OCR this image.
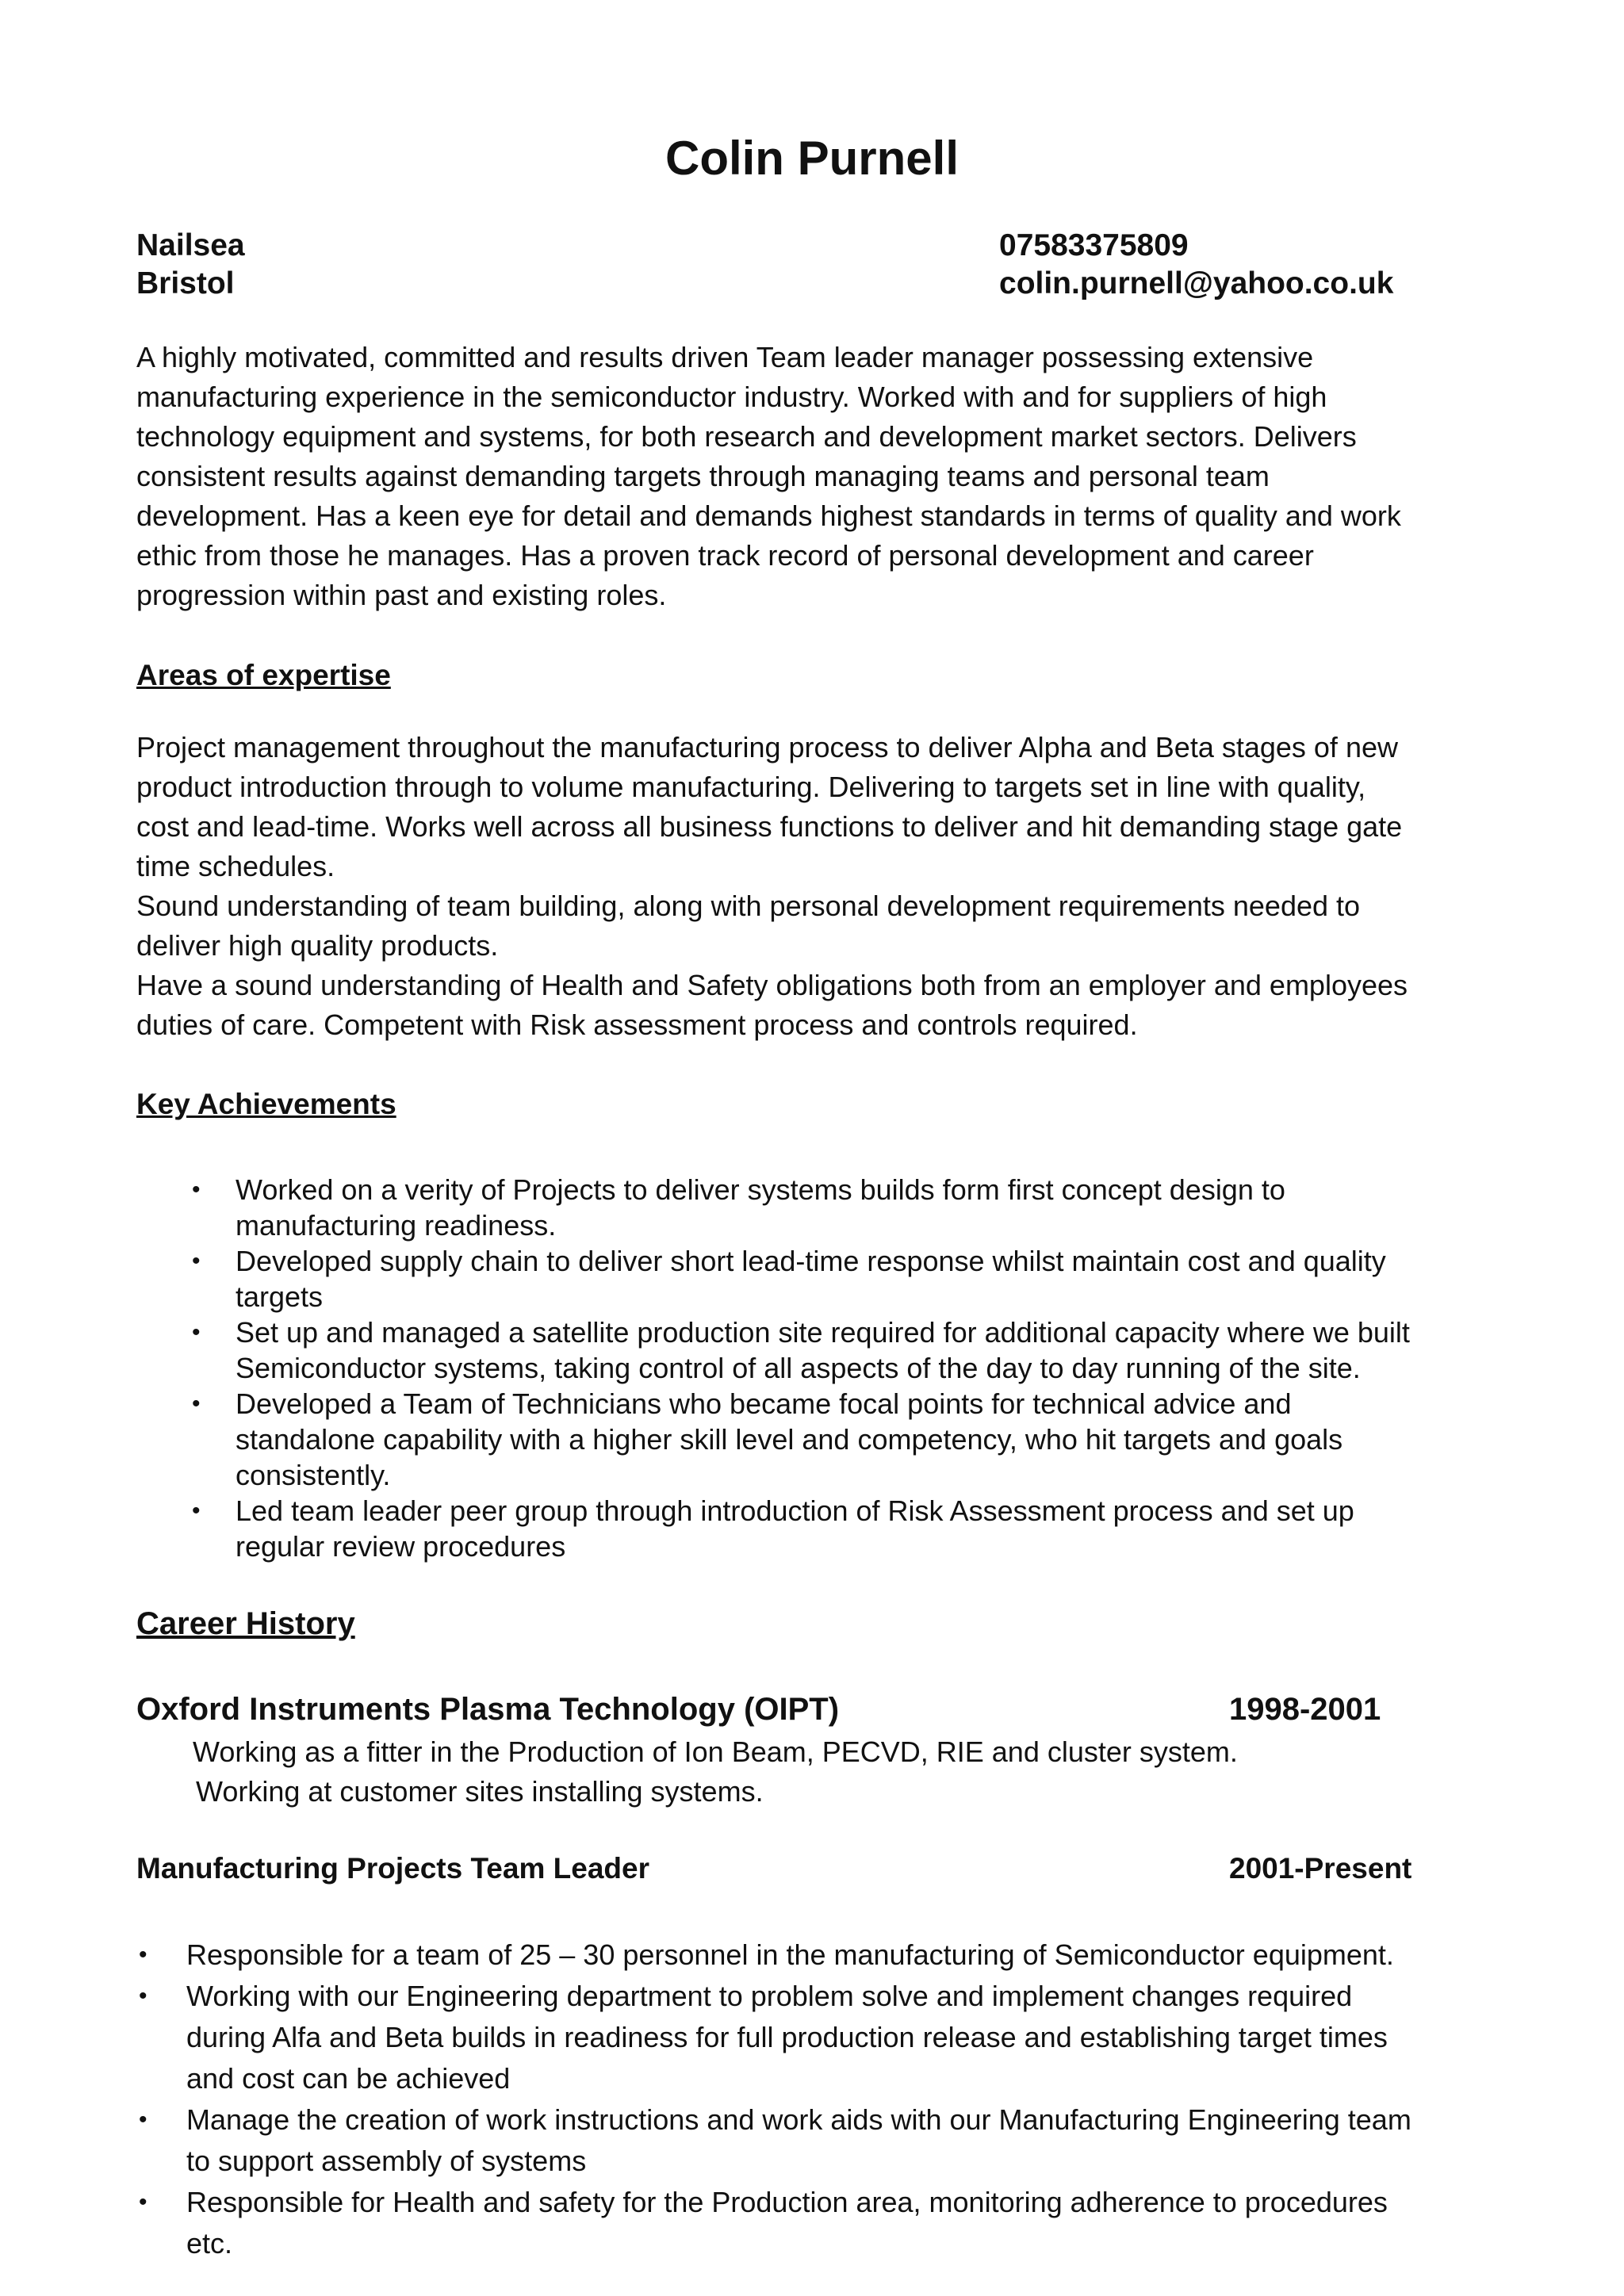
Colin Purnell
Nailsea
Bristol
07583375809
colin.purnell@yahoo.co.uk

A highly motivated, committed and results driven Team leader manager possessing extensive
manufacturing experience in the semiconductor industry. Worked with and for suppliers of high
technology equipment and systems, for both research and development market sectors. Delivers
consistent results against demanding targets through managing teams and personal team
development. Has a keen eye for detail and demands highest standards in terms of quality and work
ethic from those he manages. Has a proven track record of personal development and career
progression within past and existing roles.

Areas of expertise

Project management throughout the manufacturing process to deliver Alpha and Beta stages of new
product introduction through to volume manufacturing. Delivering to targets set in line with quality,
cost and lead-time. Works well across all business functions to deliver and hit demanding stage gate
time schedules.
Sound understanding of team building, along with personal development requirements needed to
deliver high quality products.
Have a sound understanding of Health and Safety obligations both from an employer and employees
duties of care. Competent with Risk assessment process and controls required.

Key Achievements
• Worked on a verity of Projects to deliver systems builds form first concept design to
manufacturing readiness.
• Developed supply chain to deliver short lead-time response whilst maintain cost and quality
targets
• Set up and managed a satellite production site required for additional capacity where we built
Semiconductor systems, taking control of all aspects of the day to day running of the site.
• Developed a Team of Technicians who became focal points for technical advice and
standalone capability with a higher skill level and competency, who hit targets and goals
consistently.
• Led team leader peer group through introduction of Risk Assessment process and set up
regular review procedures
Career History
Oxford Instruments Plasma Technology (OIPT)	1998-2001
Working as a fitter in the Production of Ion Beam, PECVD, RIE and cluster system.
Working at customer sites installing systems.
Manufacturing Projects Team Leader	2001-Present
• Responsible for a team of 25 – 30 personnel in the manufacturing of Semiconductor equipment.
• Working with our Engineering department to problem solve and implement changes required
during Alfa and Beta builds in readiness for full production release and establishing target times
and cost can be achieved
• Manage the creation of work instructions and work aids with our Manufacturing Engineering team
to support assembly of systems
• Responsible for Health and safety for the Production area, monitoring adherence to procedures
etc.
